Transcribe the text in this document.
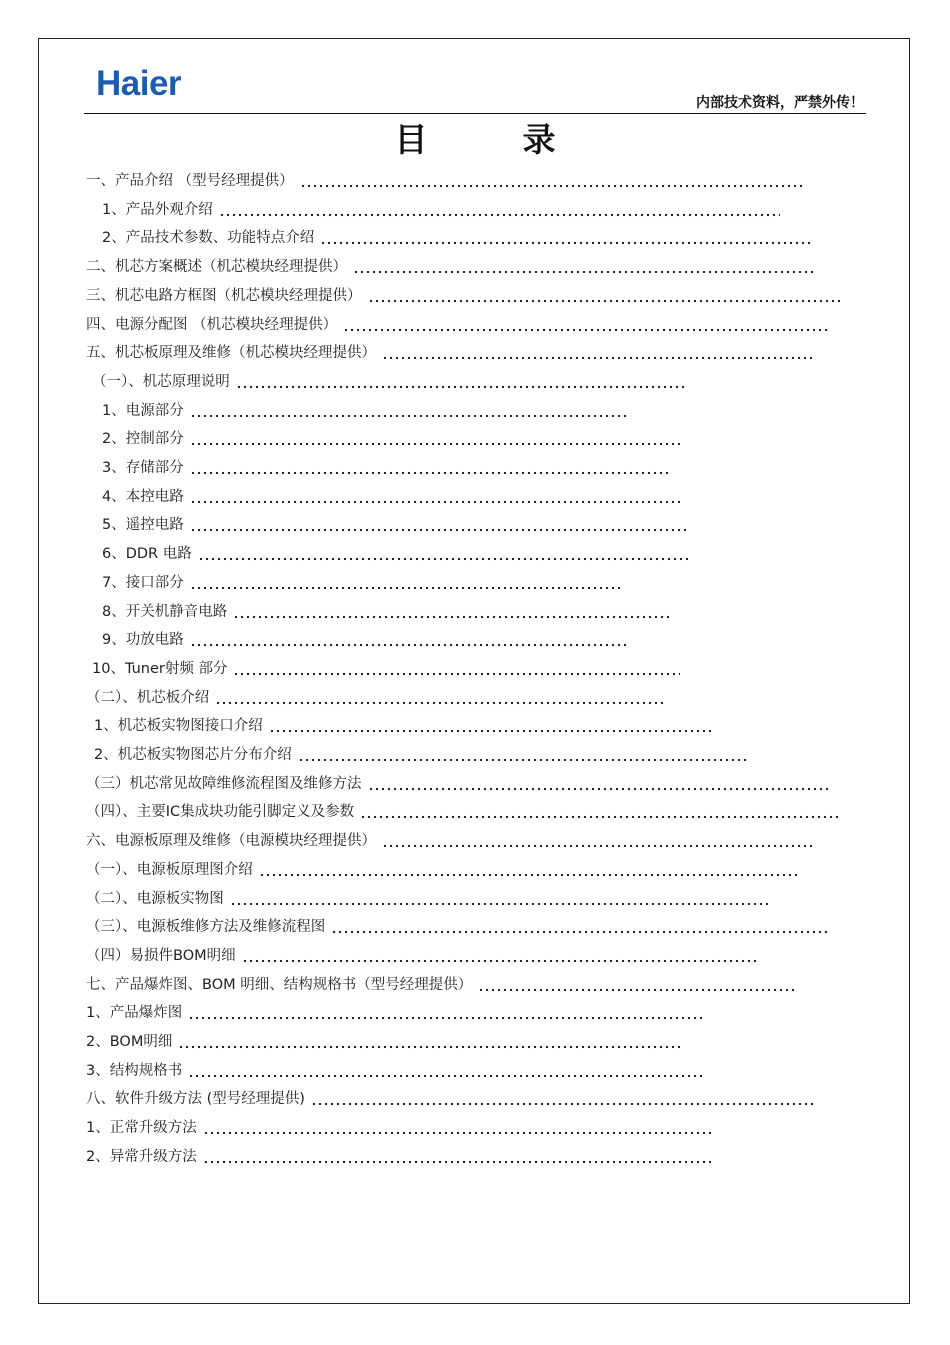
Haier	内部技术资料，严禁外传！
目	录
一、产品介绍 （型号经理提供）
1、产品外观介绍
2、产品技术参数、功能特点介绍
二、机芯方案概述（机芯模块经理提供）
三、机芯电路方框图（机芯模块经理提供）
四、电源分配图 （机芯模块经理提供）
五、机芯板原理及维修（机芯模块经理提供）
（一）、机芯原理说明
1、电源部分
2、控制部分
3、存储部分
4、本控电路
5、遥控电路
6、DDR 电路
7、接口部分
8、开关机静音电路
9、功放电路
10、Tuner射频 部分
（二）、机芯板介绍
1、机芯板实物图接口介绍
2、机芯板实物图芯片分布介绍
（三）机芯常见故障维修流程图及维修方法
（四）、主要IC集成块功能引脚定义及参数
六、电源板原理及维修（电源模块经理提供）
（一）、电源板原理图介绍
（二）、电源板实物图
（三）、电源板维修方法及维修流程图
（四）易损件BOM明细
七、产品爆炸图、BOM 明细、结构规格书（型号经理提供）
1、产品爆炸图
2、BOM明细
3、结构规格书
八、软件升级方法 (型号经理提供)
1、正常升级方法
2、异常升级方法
